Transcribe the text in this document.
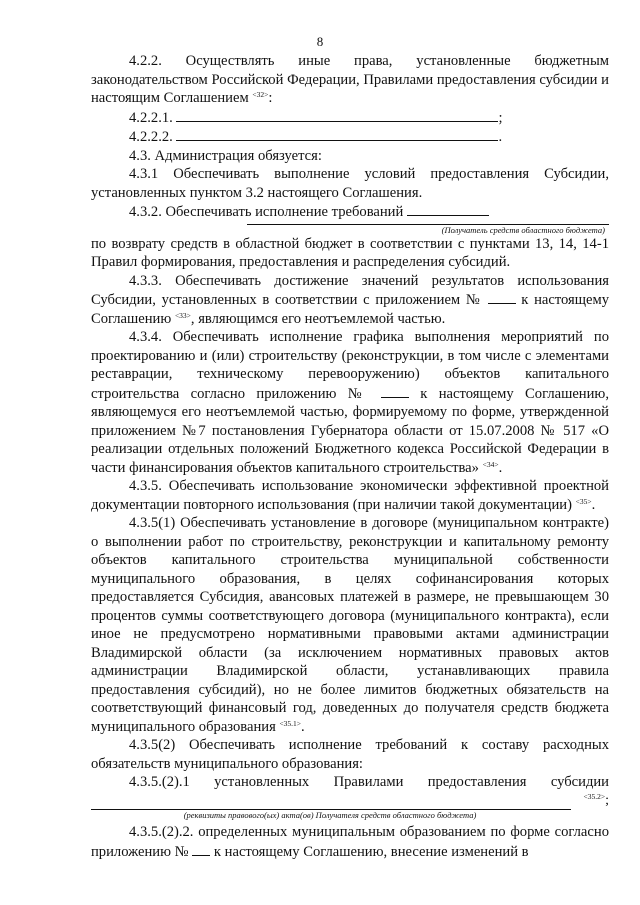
8

4.2.2. Осуществлять иные права, установленные бюджетным законодательством Российской Федерации, Правилами предоставления субсидии и настоящим Соглашением $^{<32>}$:

4.2.2.1.	;
4.2.2.2.	.

4.3. Администрация обязуется:

4.3.1 Обеспечивать выполнение условий предоставления Субсидии, установленных пунктом 3.2 настоящего Соглашения.

4.3.2. Обеспечивать исполнение требований
(Получатель средств областного бюджета)

по возврату средств в областной бюджет в соответствии с пунктами 13, 14, 14-1 Правил формирования, предоставления и распределения субсидий.

4.3.3. Обеспечивать достижение значений результатов использования Субсидии, установленных в соответствии с приложением №	к настоящему Соглашению $^{<33>}$, являющимся его неотъемлемой частью.

4.3.4. Обеспечивать исполнение графика выполнения мероприятий по проектированию и (или) строительству (реконструкции, в том числе с элементами реставрации, техническому перевооружению) объектов капитального строительства согласно приложению №	к настоящему Соглашению, являющемуся его неотъемлемой частью, формируемому по форме, утвержденной приложением №7 постановления Губернатора области от 15.07.2008 № 517 «О реализации отдельных положений Бюджетного кодекса Российской Федерации в части финансирования объектов капитального строительства» $^{<34>}$.

4.3.5. Обеспечивать использование экономически эффективной проектной документации повторного использования (при наличии такой документации) $^{<35>}$.

4.3.5(1) Обеспечивать установление в договоре (муниципальном контракте) о выполнении работ по строительству, реконструкции и капитальному ремонту объектов капитального строительства муниципальной собственности муниципального образования, в целях софинансирования которых предоставляется Субсидия, авансовых платежей в размере, не превышающем 30 процентов суммы соответствующего договора (муниципального контракта), если иное не предусмотрено нормативными правовыми актами администрации Владимирской области (за исключением нормативных правовых актов администрации Владимирской области, устанавливающих правила предоставления субсидий), но не более лимитов бюджетных обязательств на соответствующий финансовый год, доведенных до получателя средств бюджета муниципального образования $^{<35.1>}$.

4.3.5(2) Обеспечивать исполнение требований к составу расходных обязательств муниципального образования:

4.3.5.(2).1 установленных Правилами предоставления субсидии

$^{<35.2>}$;
(реквизиты правового(ых) акта(ов) Получателя средств областного бюджета)

4.3.5.(2).2. определенных муниципальным образованием по форме согласно приложению № к настоящему Соглашению, внесение изменений в
